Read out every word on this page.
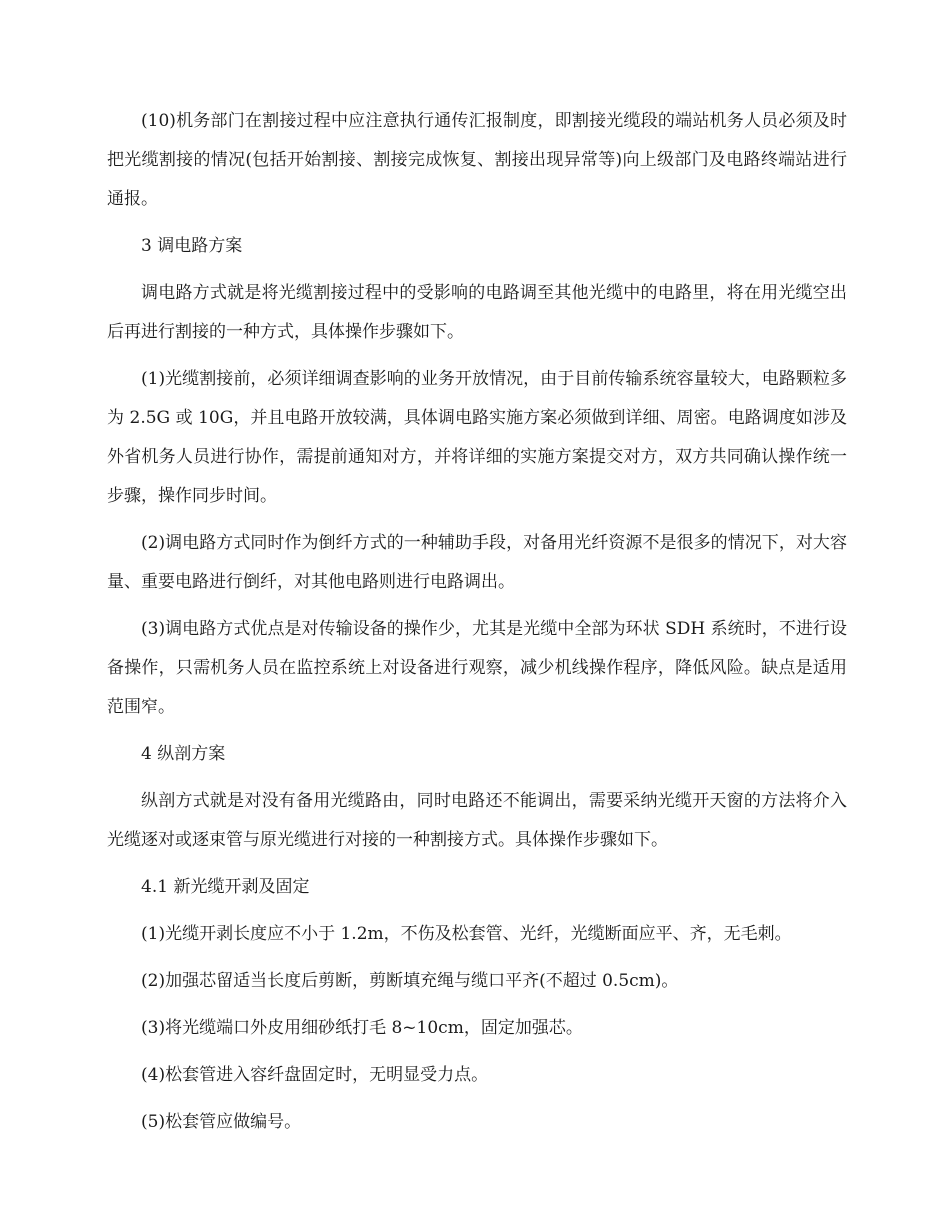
(10)机务部门在割接过程中应注意执行通传汇报制度，即割接光缆段的端站机务人员必须及时把光缆割接的情况(包括开始割接、割接完成恢复、割接出现异常等)向上级部门及电路终端站进行通报。

3 调电路方案

调电路方式就是将光缆割接过程中的受影响的电路调至其他光缆中的电路里，将在用光缆空出后再进行割接的一种方式，具体操作步骤如下。

(1)光缆割接前，必须详细调查影响的业务开放情况，由于目前传输系统容量较大，电路颗粒多为 2.5G 或 10G，并且电路开放较满，具体调电路实施方案必须做到详细、周密。电路调度如涉及外省机务人员进行协作，需提前通知对方，并将详细的实施方案提交对方，双方共同确认操作统一步骤，操作同步时间。

(2)调电路方式同时作为倒纤方式的一种辅助手段，对备用光纤资源不是很多的情况下，对大容量、重要电路进行倒纤，对其他电路则进行电路调出。

(3)调电路方式优点是对传输设备的操作少，尤其是光缆中全部为环状 SDH 系统时，不进行设备操作，只需机务人员在监控系统上对设备进行观察，减少机线操作程序，降低风险。缺点是适用范围窄。

4 纵剖方案

纵剖方式就是对没有备用光缆路由，同时电路还不能调出，需要采纳光缆开天窗的方法将介入光缆逐对或逐束管与原光缆进行对接的一种割接方式。具体操作步骤如下。

4.1 新光缆开剥及固定

(1)光缆开剥长度应不小于 1.2m，不伤及松套管、光纤，光缆断面应平、齐，无毛刺。

(2)加强芯留适当长度后剪断，剪断填充绳与缆口平齐(不超过 0.5cm)。

(3)将光缆端口外皮用细砂纸打毛 8~10cm，固定加强芯。

(4)松套管进入容纤盘固定时，无明显受力点。

(5)松套管应做编号。
